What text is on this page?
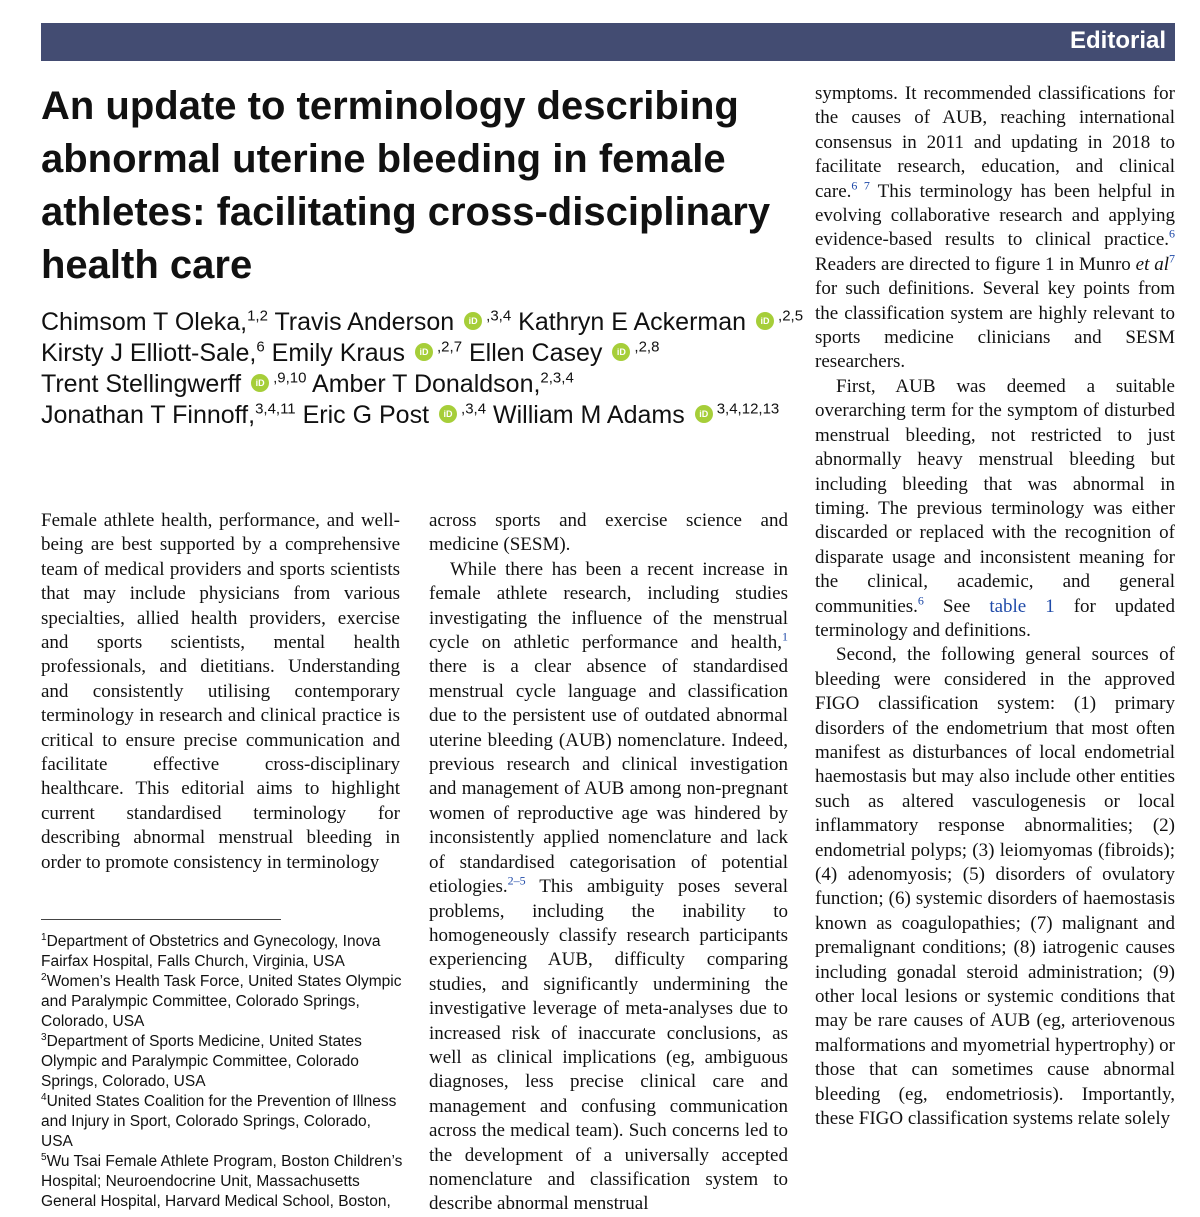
Editorial
An update to terminology describing abnormal uterine bleeding in female athletes: facilitating cross-disciplinary health care
Chimsom T Oleka,$^{1,2}$ Travis Anderson iD $^{,3,4}$ Kathryn E Ackerman iD $^{,2,5}$
Kirsty J Elliott-Sale,$^6$ Emily Kraus iD $^{,2,7}$ Ellen Casey iD $^{,2,8}$
Trent Stellingwerff iD $^{,9,10}$ Amber T Donaldson,$^{2,3,4}$
Jonathan T Finnoff,$^{3,4,11}$ Eric G Post iD $^{,3,4}$ William M Adams iD $^{3,4,12,13}$

Female athlete health, performance, and well-being are best supported by a comprehensive team of medical providers and sports scientists that may include physicians from various specialties, allied health providers, exercise and sports scientists, mental health professionals, and dietitians. Understanding and consistently utilising contemporary terminology in research and clinical practice is critical to ensure precise communication and facilitate effective cross-disciplinary healthcare. This editorial aims to highlight current standardised terminology for describing abnormal menstrual bleeding in order to promote consistency in terminology

$^1$Department of Obstetrics and Gynecology, Inova Fairfax Hospital, Falls Church, Virginia, USA

$^2$Women’s Health Task Force, United States Olympic and Paralympic Committee, Colorado Springs, Colorado, USA

$^3$Department of Sports Medicine, United States Olympic and Paralympic Committee, Colorado Springs, Colorado, USA

$^4$United States Coalition for the Prevention of Illness and Injury in Sport, Colorado Springs, Colorado, USA

$^5$Wu Tsai Female Athlete Program, Boston Children’s Hospital; Neuroendocrine Unit, Massachusetts General Hospital, Harvard Medical School, Boston,

across sports and exercise science and medicine (SESM).

While there has been a recent increase in female athlete research, including studies investigating the influence of the menstrual cycle on athletic performance and health,$^1$ there is a clear absence of standardised menstrual cycle language and classification due to the persistent use of outdated abnormal uterine bleeding (AUB) nomenclature. Indeed, previous research and clinical investigation and management of AUB among non-pregnant women of reproductive age was hindered by inconsistently applied nomenclature and lack of standardised categorisation of potential etiologies.$^{2-5}$ This ambiguity poses several problems, including the inability to homogeneously classify research participants experiencing AUB, difficulty comparing studies, and significantly undermining the investigative leverage of meta-analyses due to increased risk of inaccurate conclusions, as well as clinical implications (eg, ambiguous diagnoses, less precise clinical care and management and confusing communication across the medical team). Such concerns led to the development of a universally accepted nomenclature and classification system to describe abnormal menstrual

symptoms. It recommended classifications for the causes of AUB, reaching international consensus in 2011 and updating in 2018 to facilitate research, education, and clinical care.$^{6 7}$ This terminology has been helpful in evolving collaborative research and applying evidence-based results to clinical practice.$^6$ Readers are directed to figure 1 in Munro et $al^7$ for such definitions. Several key points from the classification system are highly relevant to sports medicine clinicians and SESM researchers.

First, AUB was deemed a suitable overarching term for the symptom of disturbed menstrual bleeding, not restricted to just abnormally heavy menstrual bleeding but including bleeding that was abnormal in timing. The previous terminology was either discarded or replaced with the recognition of disparate usage and inconsistent meaning for the clinical, academic, and general communities.$^6$ See table 1 for updated terminology and definitions.

Second, the following general sources of bleeding were considered in the approved FIGO classification system: (1) primary disorders of the endometrium that most often manifest as disturbances of local endometrial haemostasis but may also include other entities such as altered vasculogenesis or local inflammatory response abnormalities; (2) endometrial polyps; (3) leiomyomas (fibroids); (4) adenomyosis; (5) disorders of ovulatory function; (6) systemic disorders of haemostasis known as coagulopathies; (7) malignant and premalignant conditions; (8) iatrogenic causes including gonadal steroid administration; (9) other local lesions or systemic conditions that may be rare causes of AUB (eg, arteriovenous malformations and myometrial hypertrophy) or those that can sometimes cause abnormal bleeding (eg, endometriosis). Importantly, these FIGO classification systems relate solely
